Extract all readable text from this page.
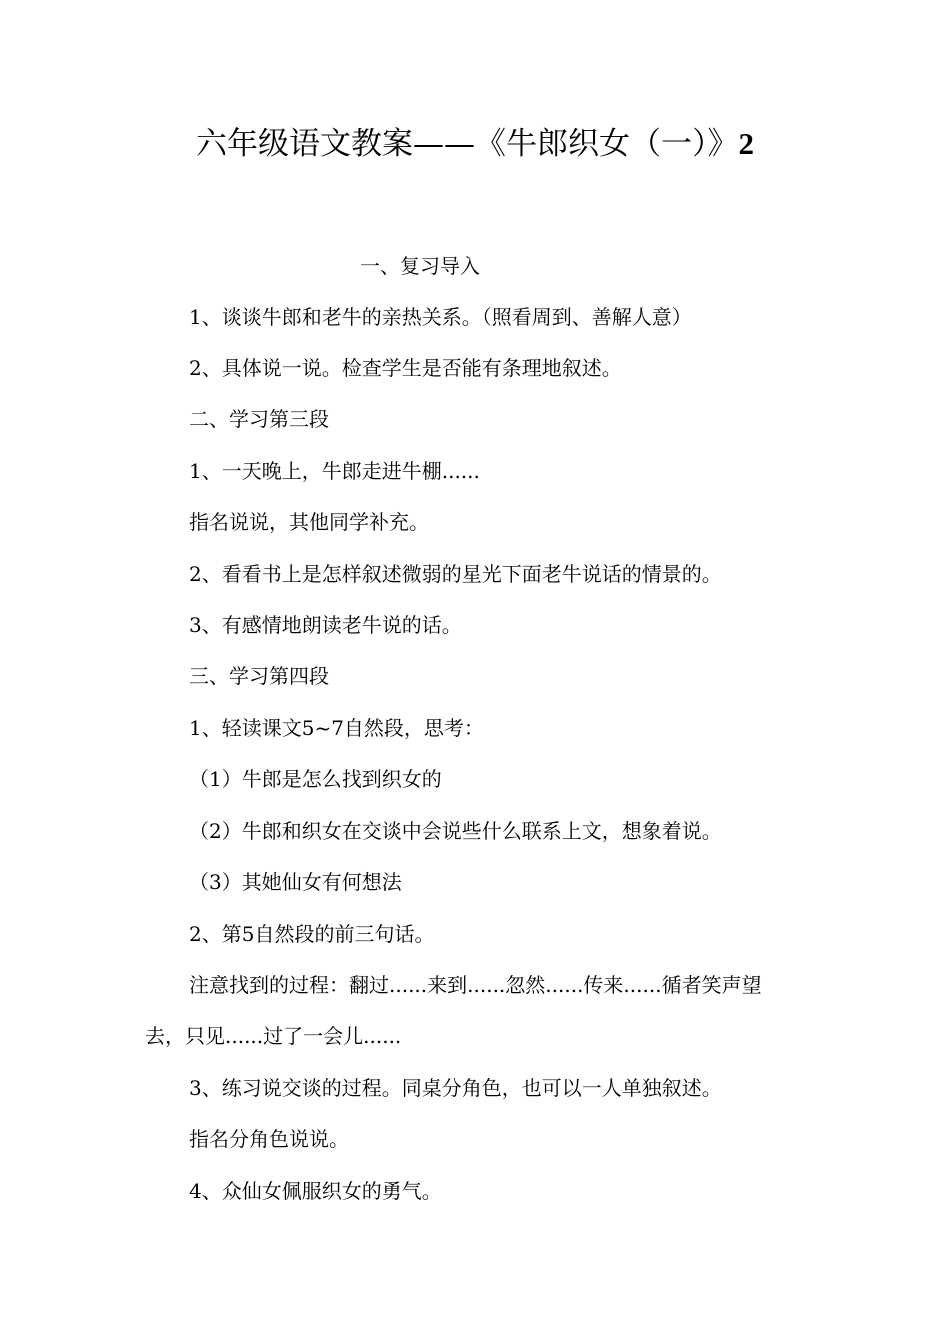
六年级语文教案——《牛郎织女（一）》2
一、复习导入
1、谈谈牛郎和老牛的亲热关系。（照看周到、善解人意）
2、具体说一说。检查学生是否能有条理地叙述。
二、学习第三段
1、一天晚上，牛郎走进牛棚......
指名说说，其他同学补充。
2、看看书上是怎样叙述微弱的星光下面老牛说话的情景的。
3、有感情地朗读老牛说的话。
三、学习第四段
1、轻读课文5~7自然段，思考：
（1）牛郎是怎么找到织女的
（2）牛郎和织女在交谈中会说些什么联系上文，想象着说。
（3）其她仙女有何想法
2、第5自然段的前三句话。
注意找到的过程：翻过......来到......忽然......传来......循者笑声望
去，只见......过了一会儿......
3、练习说交谈的过程。同桌分角色，也可以一人单独叙述。
指名分角色说说。
4、众仙女佩服织女的勇气。
